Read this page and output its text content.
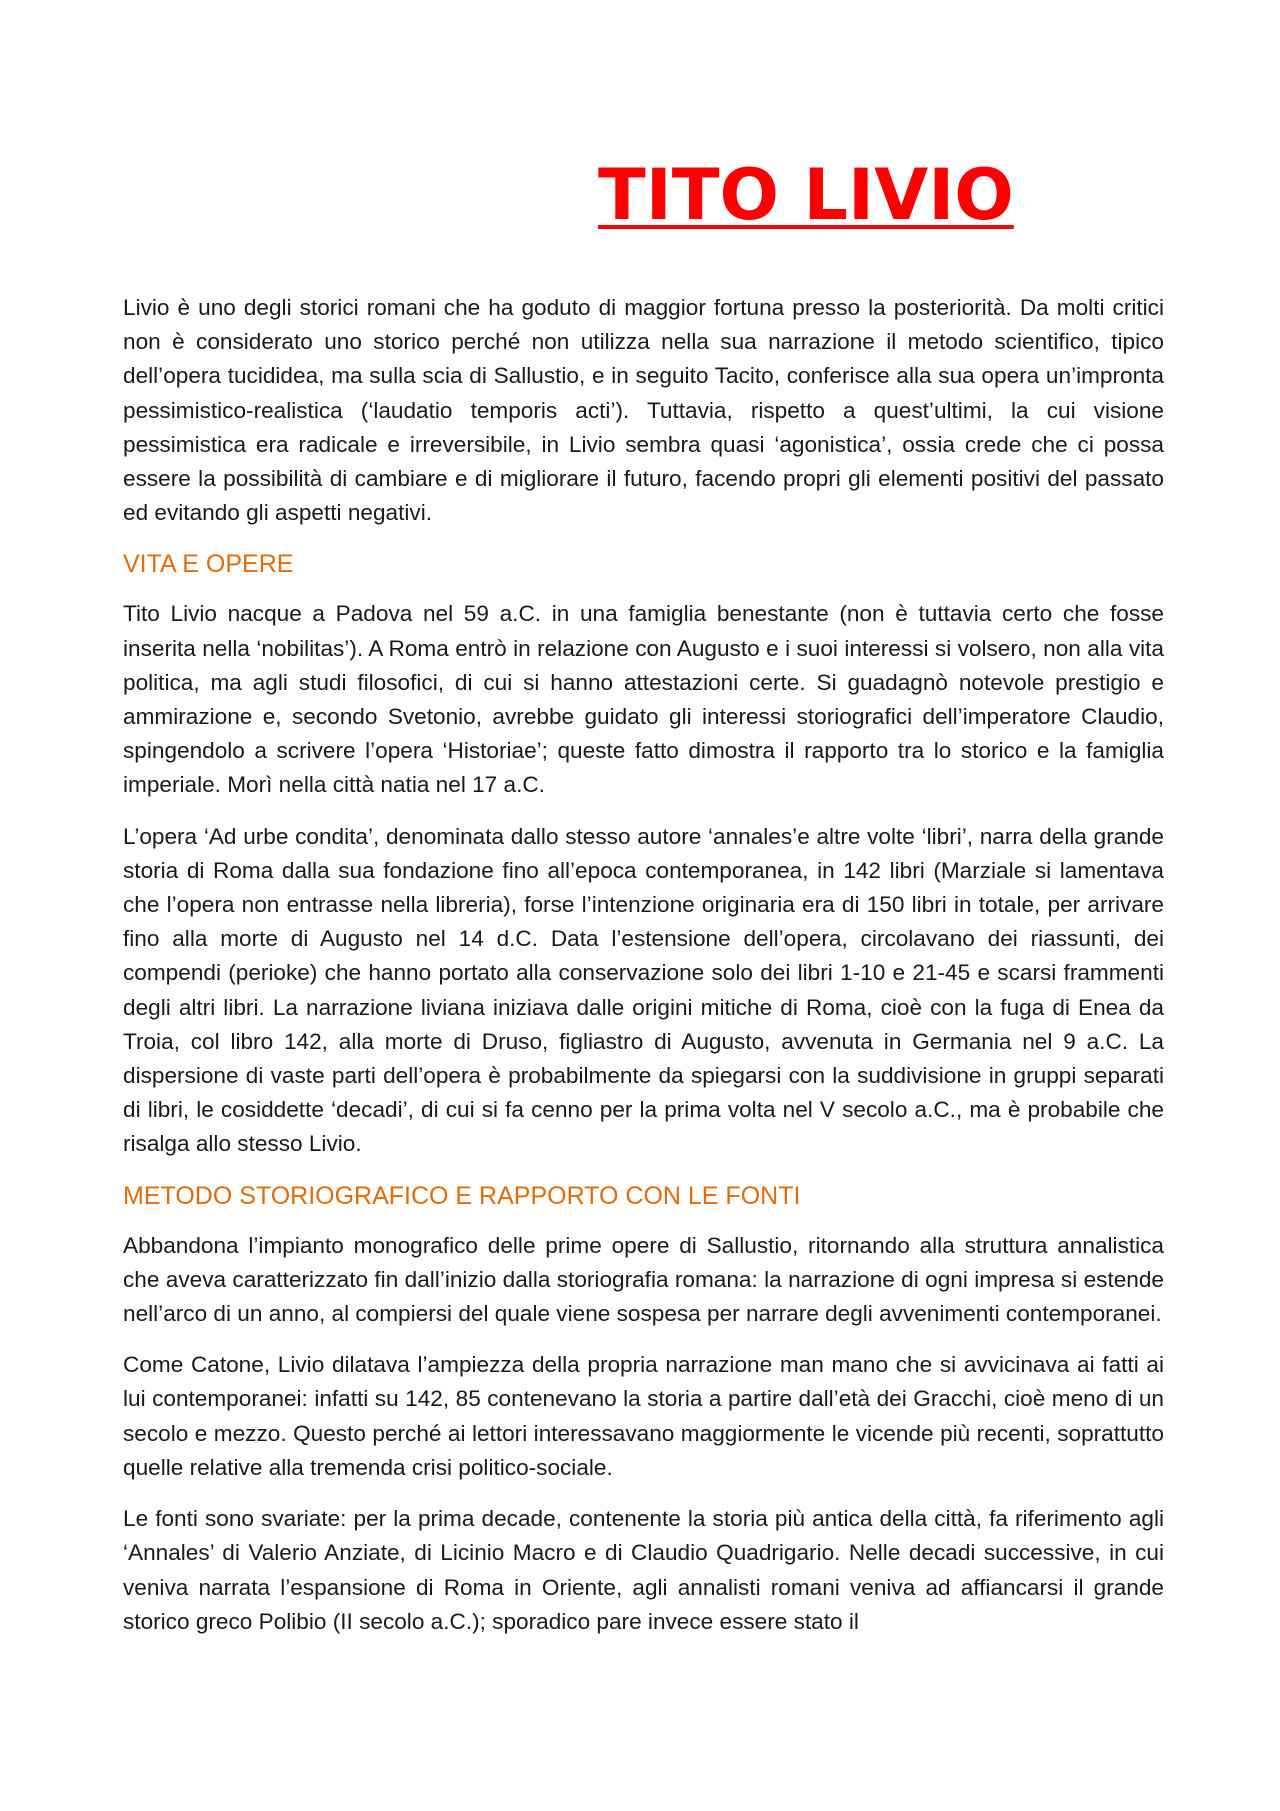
TITO LIVIO

Livio è uno degli storici romani che ha goduto di maggior fortuna presso la posteriorità. Da molti critici non è considerato uno storico perché non utilizza nella sua narrazione il metodo scientifico, tipico dell’opera tucididea, ma sulla scia di Sallustio, e in seguito Tacito, conferisce alla sua opera un’impronta pessimistico-realistica (‘laudatio temporis acti’). Tuttavia, rispetto a quest’ultimi, la cui visione pessimistica era radicale e irreversibile, in Livio sembra quasi ‘agonistica’, ossia crede che ci possa essere la possibilità di cambiare e di migliorare il futuro, facendo propri gli elementi positivi del passato ed evitando gli aspetti negativi.

VITA E OPERE

Tito Livio nacque a Padova nel 59 a.C. in una famiglia benestante (non è tuttavia certo che fosse inserita nella ‘nobilitas’). A Roma entrò in relazione con Augusto e i suoi interessi si volsero, non alla vita politica, ma agli studi filosofici, di cui si hanno attestazioni certe. Si guadagnò notevole prestigio e ammirazione e, secondo Svetonio, avrebbe guidato gli interessi storiografici dell’imperatore Claudio, spingendolo a scrivere l’opera ‘Historiae’; queste fatto dimostra il rapporto tra lo storico e la famiglia imperiale. Morì nella città natia nel 17 a.C.

L’opera ‘Ad urbe condita’, denominata dallo stesso autore ‘annales’e altre volte ‘libri’, narra della grande storia di Roma dalla sua fondazione fino all’epoca contemporanea, in 142 libri (Marziale si lamentava che l’opera non entrasse nella libreria), forse l’intenzione originaria era di 150 libri in totale, per arrivare fino alla morte di Augusto nel 14 d.C. Data l’estensione dell’opera, circolavano dei riassunti, dei compendi (perioke) che hanno portato alla conservazione solo dei libri 1-10 e 21-45 e scarsi frammenti degli altri libri. La narrazione liviana iniziava dalle origini mitiche di Roma, cioè con la fuga di Enea da Troia, col libro 142, alla morte di Druso, figliastro di Augusto, avvenuta in Germania nel 9 a.C. La dispersione di vaste parti dell’opera è probabilmente da spiegarsi con la suddivisione in gruppi separati di libri, le cosiddette ‘decadi’, di cui si fa cenno per la prima volta nel V secolo a.C., ma è probabile che risalga allo stesso Livio.

METODO STORIOGRAFICO E RAPPORTO CON LE FONTI

Abbandona l’impianto monografico delle prime opere di Sallustio, ritornando alla struttura annalistica che aveva caratterizzato fin dall’inizio dalla storiografia romana: la narrazione di ogni impresa si estende nell’arco di un anno, al compiersi del quale viene sospesa per narrare degli avvenimenti contemporanei.

Come Catone, Livio dilatava l’ampiezza della propria narrazione man mano che si avvicinava ai fatti ai lui contemporanei: infatti su 142, 85 contenevano la storia a partire dall’età dei Gracchi, cioè meno di un secolo e mezzo. Questo perché ai lettori interessavano maggiormente le vicende più recenti, soprattutto quelle relative alla tremenda crisi politico-sociale.

Le fonti sono svariate: per la prima decade, contenente la storia più antica della città, fa riferimento agli ‘Annales’ di Valerio Anziate, di Licinio Macro e di Claudio Quadrigario. Nelle decadi successive, in cui veniva narrata l’espansione di Roma in Oriente, agli annalisti romani veniva ad affiancarsi il grande storico greco Polibio (II secolo a.C.); sporadico pare invece essere stato il
